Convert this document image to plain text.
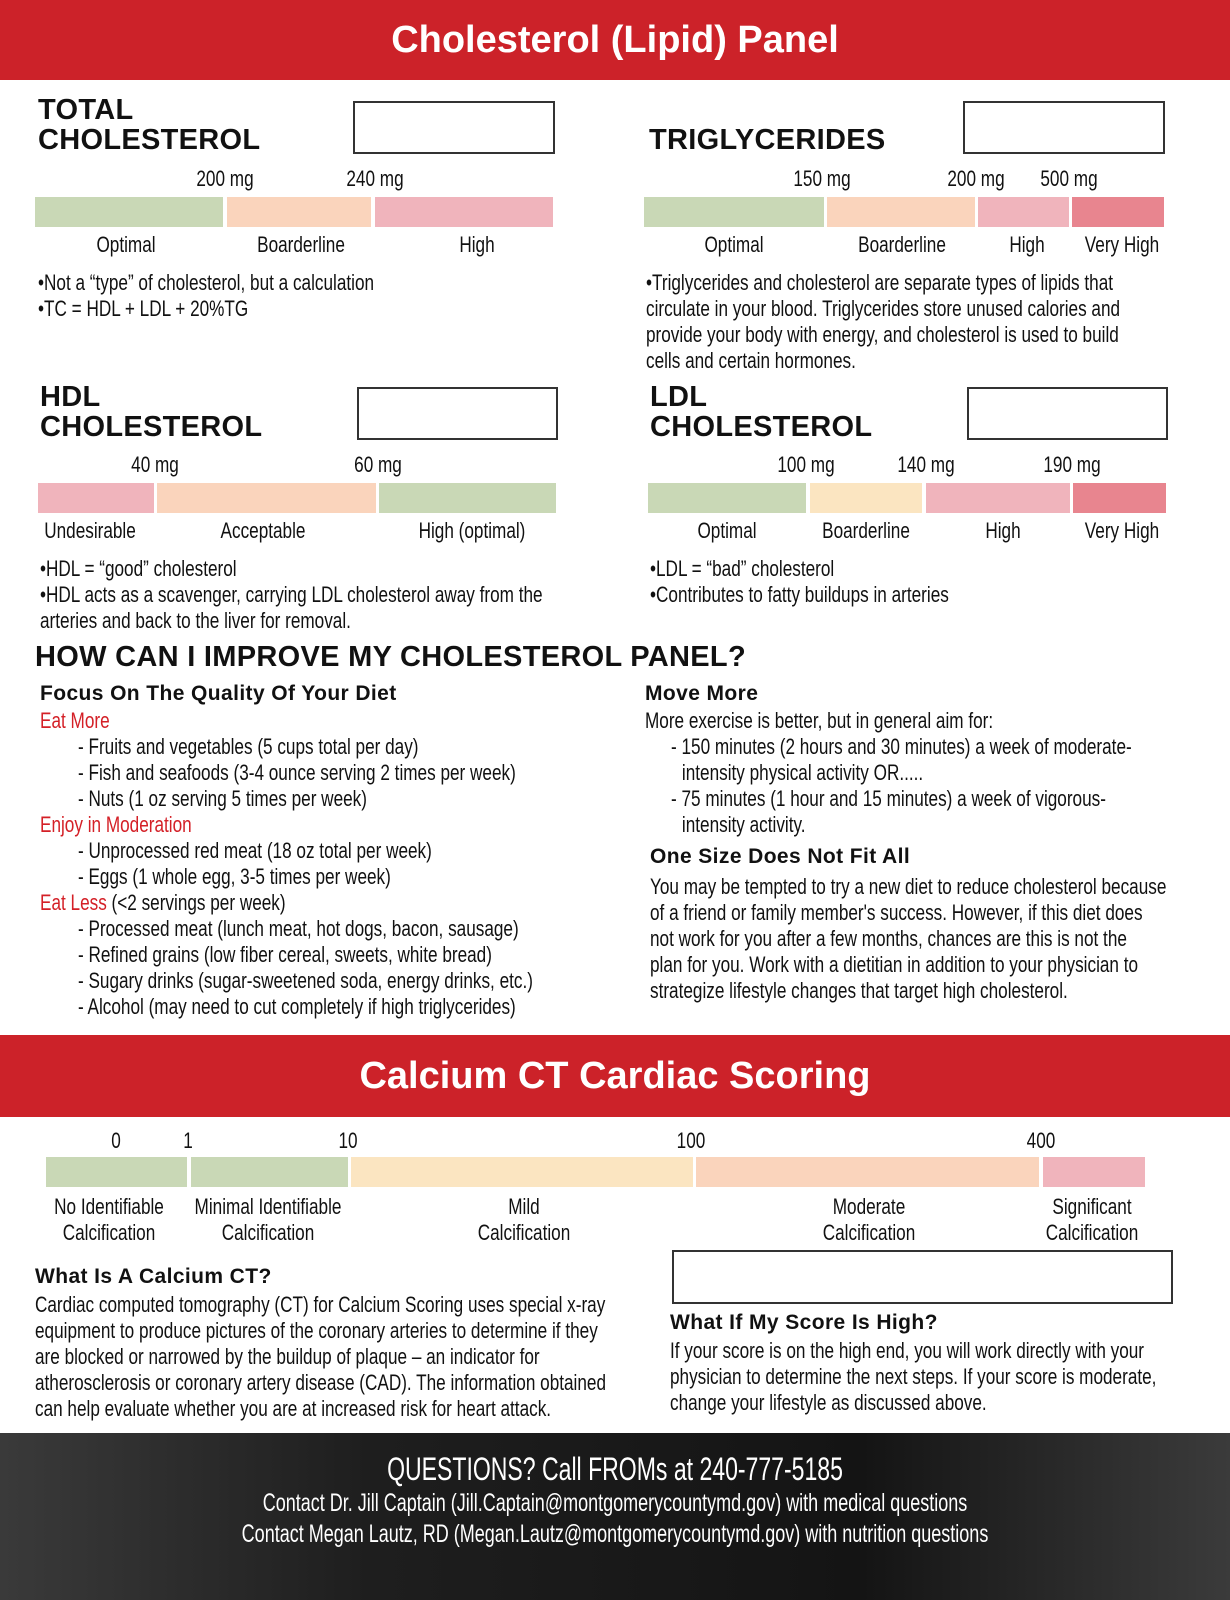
Cholesterol (Lipid) Panel
TOTAL
CHOLESTEROL
200 mg	240 mg
Optimal	Boarderline	High
•Not a “type” of cholesterol, but a calculation
•TC = HDL + LDL + 20%TG
TRIGLYCERIDES
150 mg	200 mg 500 mg
Optimal	Boarderline	High Very High
•Triglycerides and cholesterol are separate types of lipids that
circulate in your blood. Triglycerides store unused calories and
provide your body with energy, and cholesterol is used to build
cells and certain hormones.
HDL
CHOLESTEROL
40 mg	60 mg
Undesirable	Acceptable	High (optimal)
•HDL = “good” cholesterol
•HDL acts as a scavenger, carrying LDL cholesterol away from the
arteries and back to the liver for removal.
LDL
CHOLESTEROL
100 mg	140 mg	190 mg
Optimal	Boarderline	High	Very High
•LDL = “bad” cholesterol
•Contributes to fatty buildups in arteries
0	1	10	100	400
No Identifiable
Calcification
Minimal Identifiable
Calcification
Mild
Calcification
Moderate
Calcification
Significant
Calcification
HOW CAN I IMPROVE MY CHOLESTEROL PANEL?
Focus On The Quality Of Your Diet
Eat More
- Fruits and vegetables (5 cups total per day)
- Fish and seafoods (3-4 ounce serving 2 times per week)
- Nuts (1 oz serving 5 times per week)
Enjoy in Moderation
- Unprocessed red meat (18 oz total per week)
- Eggs (1 whole egg, 3-5 times per week)
Eat Less (<2 servings per week)
- Processed meat (lunch meat, hot dogs, bacon, sausage)
- Refined grains (low fiber cereal, sweets, white bread)
- Sugary drinks (sugar-sweetened soda, energy drinks, etc.)
- Alcohol (may need to cut completely if high triglycerides)
Move More
More exercise is better, but in general aim for:
- 150 minutes (2 hours and 30 minutes) a week of moderate-
intensity physical activity OR.....
- 75 minutes (1 hour and 15 minutes) a week of vigorous-
intensity activity.
One Size Does Not Fit All
You may be tempted to try a new diet to reduce cholesterol because
of a friend or family member's success. However, if this diet does
not work for you after a few months, chances are this is not the
plan for you. Work with a dietitian in addition to your physician to
strategize lifestyle changes that target high cholesterol.
Calcium CT Cardiac Scoring
What Is A Calcium CT?
Cardiac computed tomography (CT) for Calcium Scoring uses special x-ray
equipment to produce pictures of the coronary arteries to determine if they
are blocked or narrowed by the buildup of plaque – an indicator for
atherosclerosis or coronary artery disease (CAD). The information obtained
can help evaluate whether you are at increased risk for heart attack.
What If My Score Is High?
If your score is on the high end, you will work directly with your
physician to determine the next steps. If your score is moderate,
change your lifestyle as discussed above.
QUESTIONS? Call FROMs at 240-777-5185
Contact Dr. Jill Captain (Jill.Captain@montgomerycountymd.gov) with medical questions
Contact Megan Lautz, RD (Megan.Lautz@montgomerycountymd.gov) with nutrition questions
